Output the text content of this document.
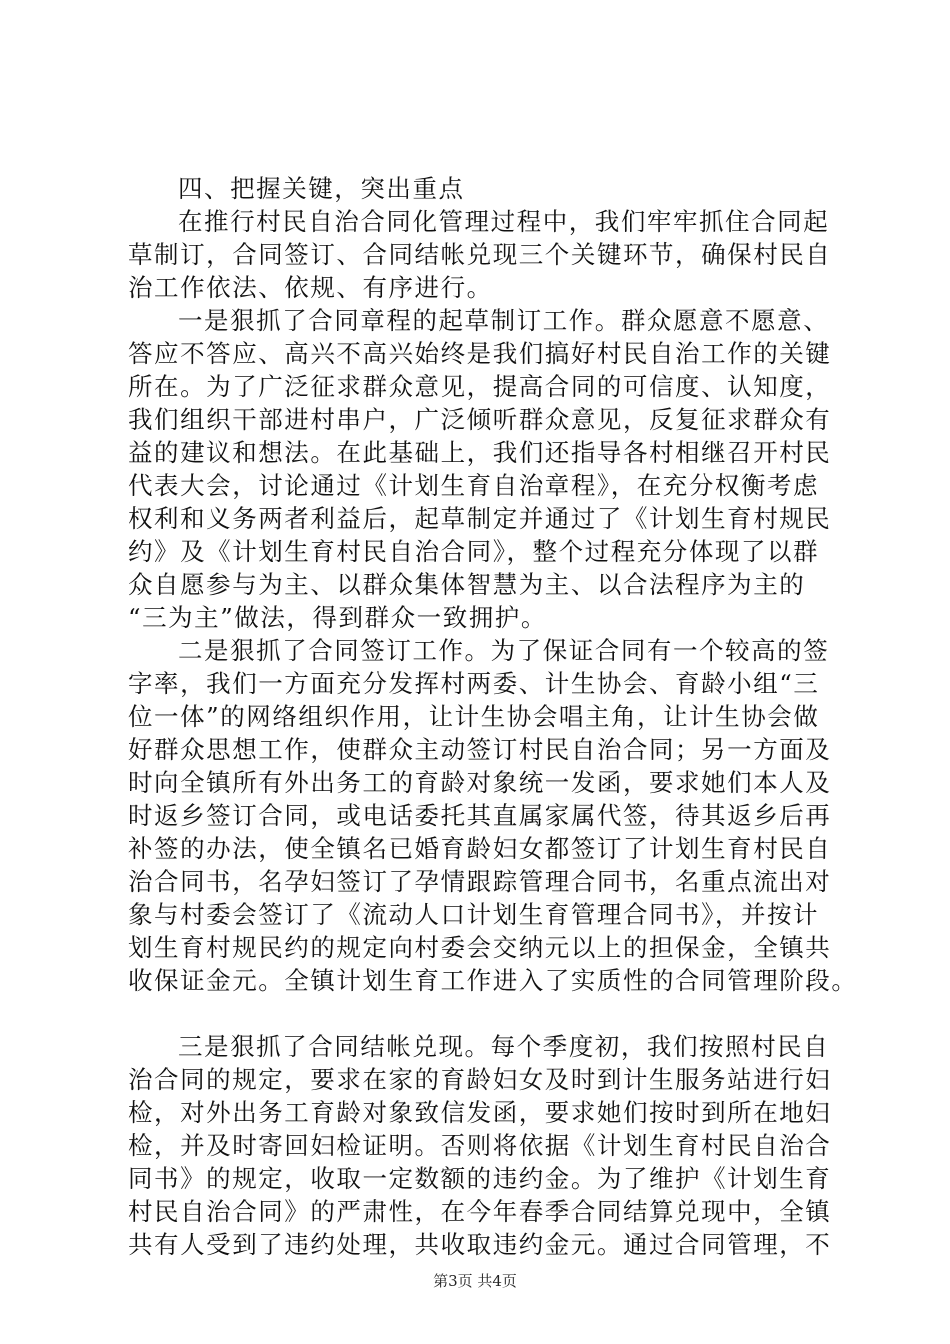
四、把握关键，突出重点
在推行村民自治合同化管理过程中，我们牢牢抓住合同起
草制订，合同签订、合同结帐兑现三个关键环节，确保村民自
治工作依法、依规、有序进行。
一是狠抓了合同章程的起草制订工作。群众愿意不愿意、
答应不答应、高兴不高兴始终是我们搞好村民自治工作的关键
所在。为了广泛征求群众意见，提高合同的可信度、认知度，
我们组织干部进村串户，广泛倾听群众意见，反复征求群众有
益的建议和想法。在此基础上，我们还指导各村相继召开村民
代表大会，讨论通过《计划生育自治章程》，在充分权衡考虑
权利和义务两者利益后，起草制定并通过了《计划生育村规民
约》及《计划生育村民自治合同》，整个过程充分体现了以群
众自愿参与为主、以群众集体智慧为主、以合法程序为主的
“三为主”做法，得到群众一致拥护。
二是狠抓了合同签订工作。为了保证合同有一个较高的签
字率，我们一方面充分发挥村两委、计生协会、育龄小组“三
位一体”的网络组织作用，让计生协会唱主角，让计生协会做
好群众思想工作，使群众主动签订村民自治合同；另一方面及
时向全镇所有外出务工的育龄对象统一发函，要求她们本人及
时返乡签订合同，或电话委托其直属家属代签，待其返乡后再
补签的办法，使全镇名已婚育龄妇女都签订了计划生育村民自
治合同书，名孕妇签订了孕情跟踪管理合同书，名重点流出对
象与村委会签订了《流动人口计划生育管理合同书》，并按计
划生育村规民约的规定向村委会交纳元以上的担保金，全镇共
收保证金元。全镇计划生育工作进入了实质性的合同管理阶段。
三是狠抓了合同结帐兑现。每个季度初，我们按照村民自
治合同的规定，要求在家的育龄妇女及时到计生服务站进行妇
检，对外出务工育龄对象致信发函，要求她们按时到所在地妇
检，并及时寄回妇检证明。否则将依据《计划生育村民自治合
同书》的规定，收取一定数额的违约金。为了维护《计划生育
村民自治合同》的严肃性，在今年春季合同结算兑现中，全镇
共有人受到了违约处理，共收取违约金元。通过合同管理，不
第3页 共4页
